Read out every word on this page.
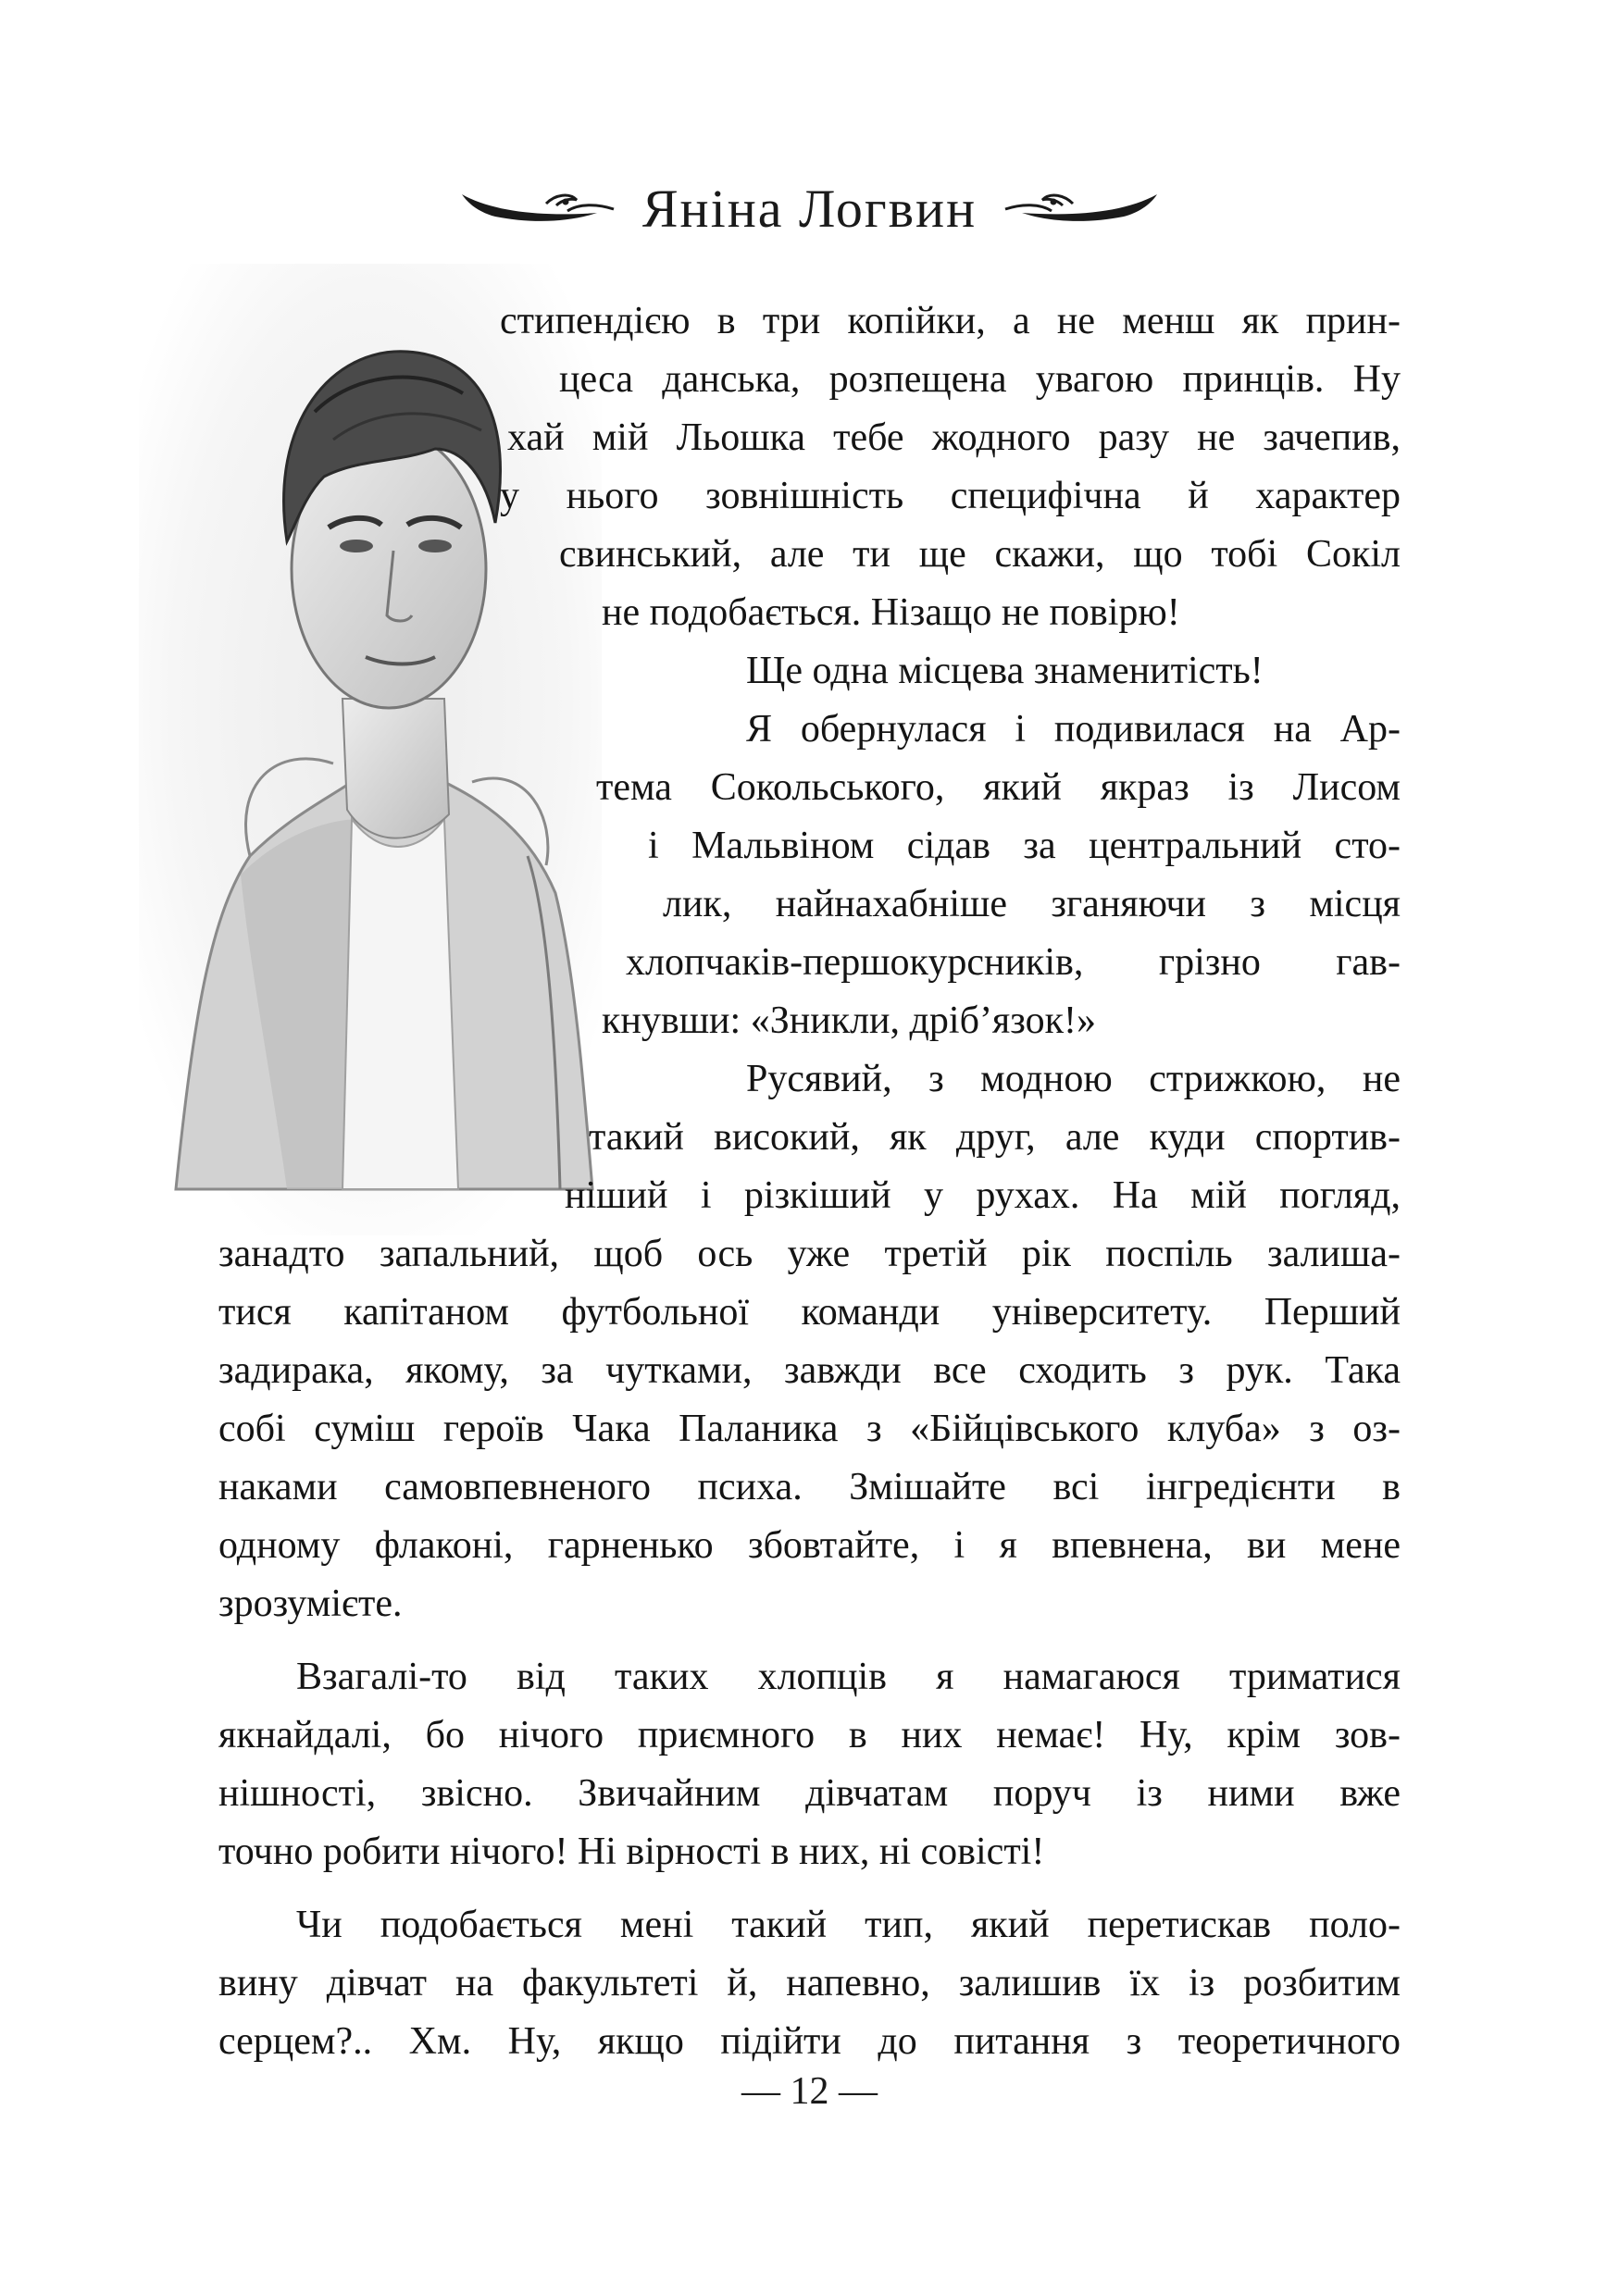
Яніна Логвин
стипендією в три копійки, а не менш як прин-
цеса данська, розпещена увагою принців. Ну
хай мій Льошка тебе жодного разу не зачепив,
у нього зовнішність специфічна й характер
свинський, але ти ще скажи, що тобі Сокіл
не подобається. Нізащо не повірю!
Ще одна місцева знаменитість!
Я обернулася і подивилася на Ар-
тема Сокольського, який якраз із Лисом
і Мальвіном сідав за центральний сто-
лик, найнахабніше зганяючи з місця
хлопчаків-першокурсників, грізно гав-
кнувши: «Зникли, дріб’язок!»
Русявий, з модною стрижкою, не
такий високий, як друг, але куди спортив-
ніший і різкіший у рухах. На мій погляд,
занадто запальний, щоб ось уже третій рік поспіль залиша-
тися капітаном футбольної команди університету. Перший
задирака, якому, за чутками, завжди все сходить з рук. Така
собі суміш героїв Чака Паланика з «Бійцівського клуба» з оз-
наками самовпевненого психа. Змішайте всі інгредієнти в
одному флаконі, гарненько збовтайте, і я впевнена, ви мене
зрозумієте.
Взагалі-то від таких хлопців я намагаюся триматися
якнайдалі, бо нічого приємного в них немає! Ну, крім зов-
нішності, звісно. Звичайним дівчатам поруч із ними вже
точно робити нічого! Ні вірності в них, ні совісті!
Чи подобається мені такий тип, який перетискав поло-
вину дівчат на факультеті й, напевно, залишив їх із розбитим
серцем?.. Хм. Ну, якщо підійти до питання з теоретичного
— 12 —
